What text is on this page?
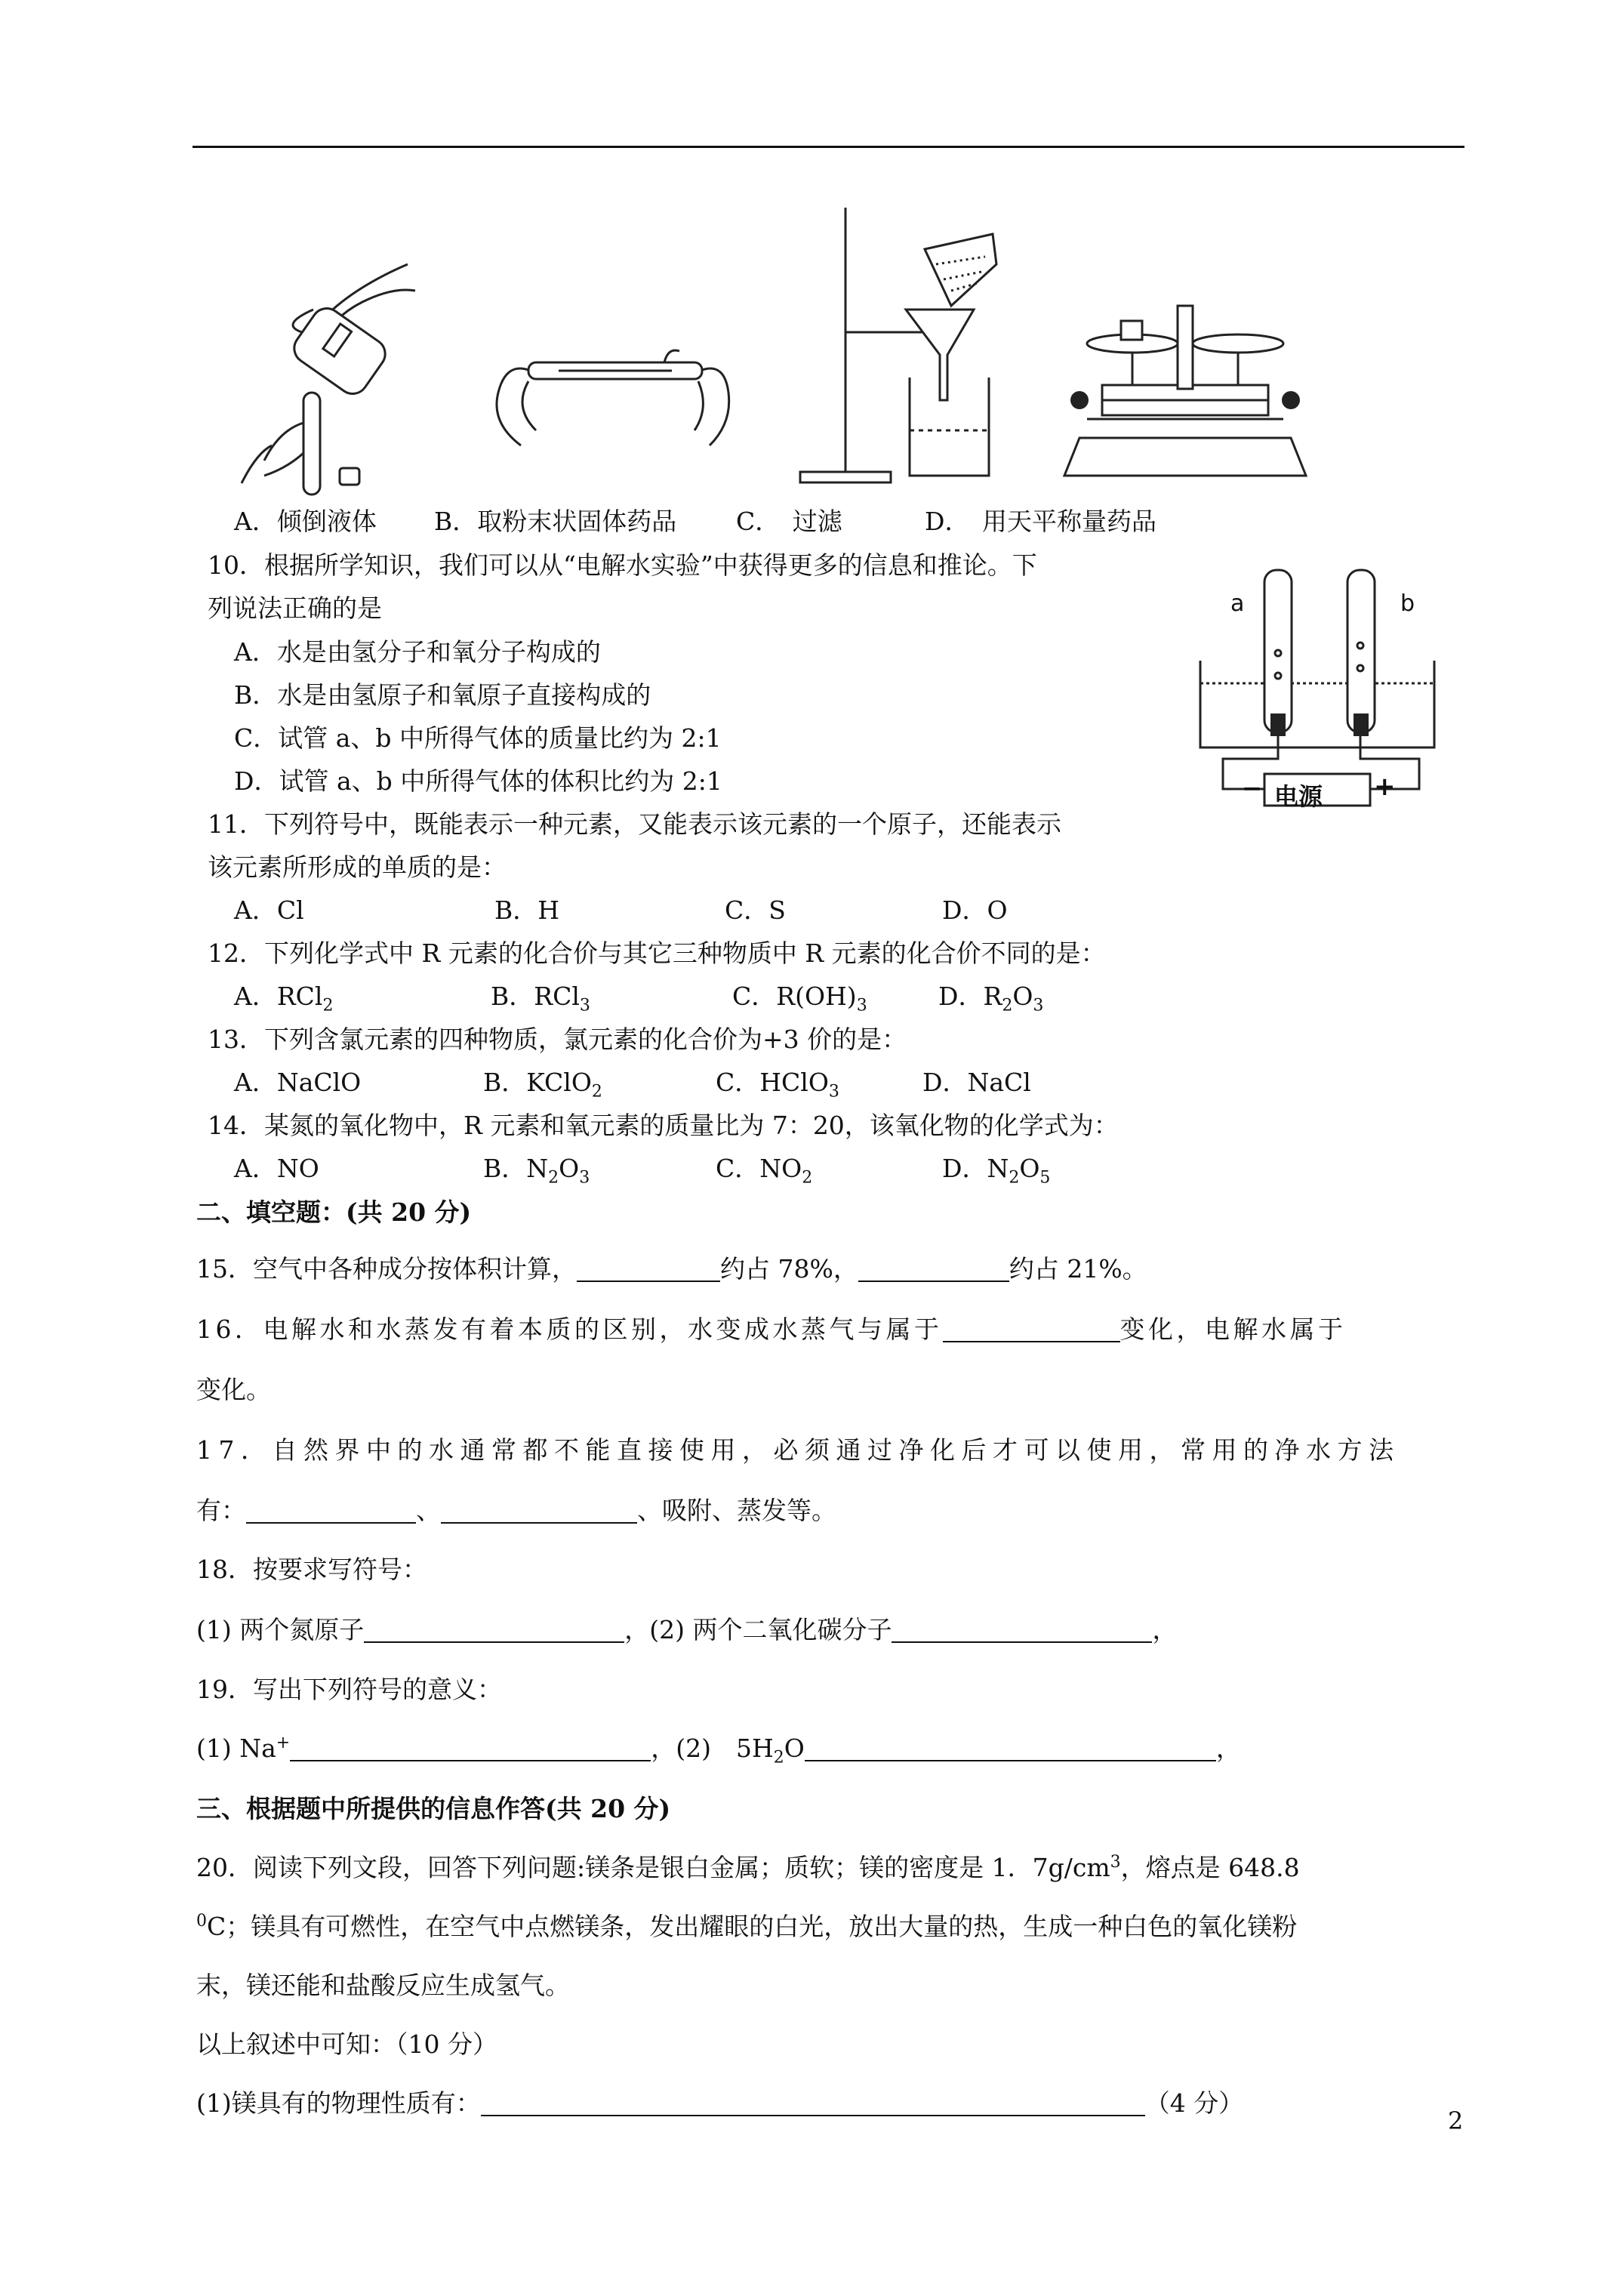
A．倾倒液体 B．取粉末状固体药品 C．　过滤	D．　用天平称量药品
10．根据所学知识，我们可以从“电解水实验”中获得更多的信息和推论。下
列说法正确的是
A．水是由氢分子和氧分子构成的
B．水是由氢原子和氧原子直接构成的
C．试管 a、b 中所得气体的质量比约为 2:1
D．试管 a、b 中所得气体的体积比约为 2:1
a	b
电源
−	+
11．下列符号中，既能表示一种元素，又能表示该元素的一个原子，还能表示
该元素所形成的单质的是：
A．Cl	B．H	C．S	D．O
12．下列化学式中 R 元素的化合价与其它三种物质中 R 元素的化合价不同的是：
A．RCl$_2$	B．RCl$_3$	C．$R(OH)_3$	D．$R_2O_3$
13．下列含氯元素的四种物质，氯元素的化合价为+3 价的是：
A．NaClO	B．KClO$_2$	C．HClO$_3$	D．NaCl
14．某氮的氧化物中，R 元素和氧元素的质量比为 7：20，该氧化物的化学式为：
A．NO	B．$N_2O_3$	C．$NO_2$	D．$N_2O_5$
二、填空题：(共 20 分)
15．空气中各种成分按体积计算，	约占 78%，	约占 21%。
16．电解水和水蒸发有着本质的区别，水变成水蒸气与属于	变化，电解水属于
变化。
17．自然界中的水通常都不能直接使用，必须通过净化后才可以使用，常用的净水方法
有：	、	、吸附、蒸发等。
18．按要求写符号：
(1) 两个氮原子	，(2) 两个二氧化碳分子	，
19．写出下列符号的意义：
(1) Na+	，(2)　$5H_2O$	，
三、根据题中所提供的信息作答(共 20 分)
20．阅读下列文段，回答下列问题:镁条是银白金属；质软；镁的密度是 1．$7g/cm^3$，熔点是 648.8
$^0$C；镁具有可燃性，在空气中点燃镁条，发出耀眼的白光，放出大量的热，生成一种白色的氧化镁粉
末，镁还能和盐酸反应生成氢气。
以上叙述中可知：（10 分）
(1)镁具有的物理性质有：	（4 分）
2
